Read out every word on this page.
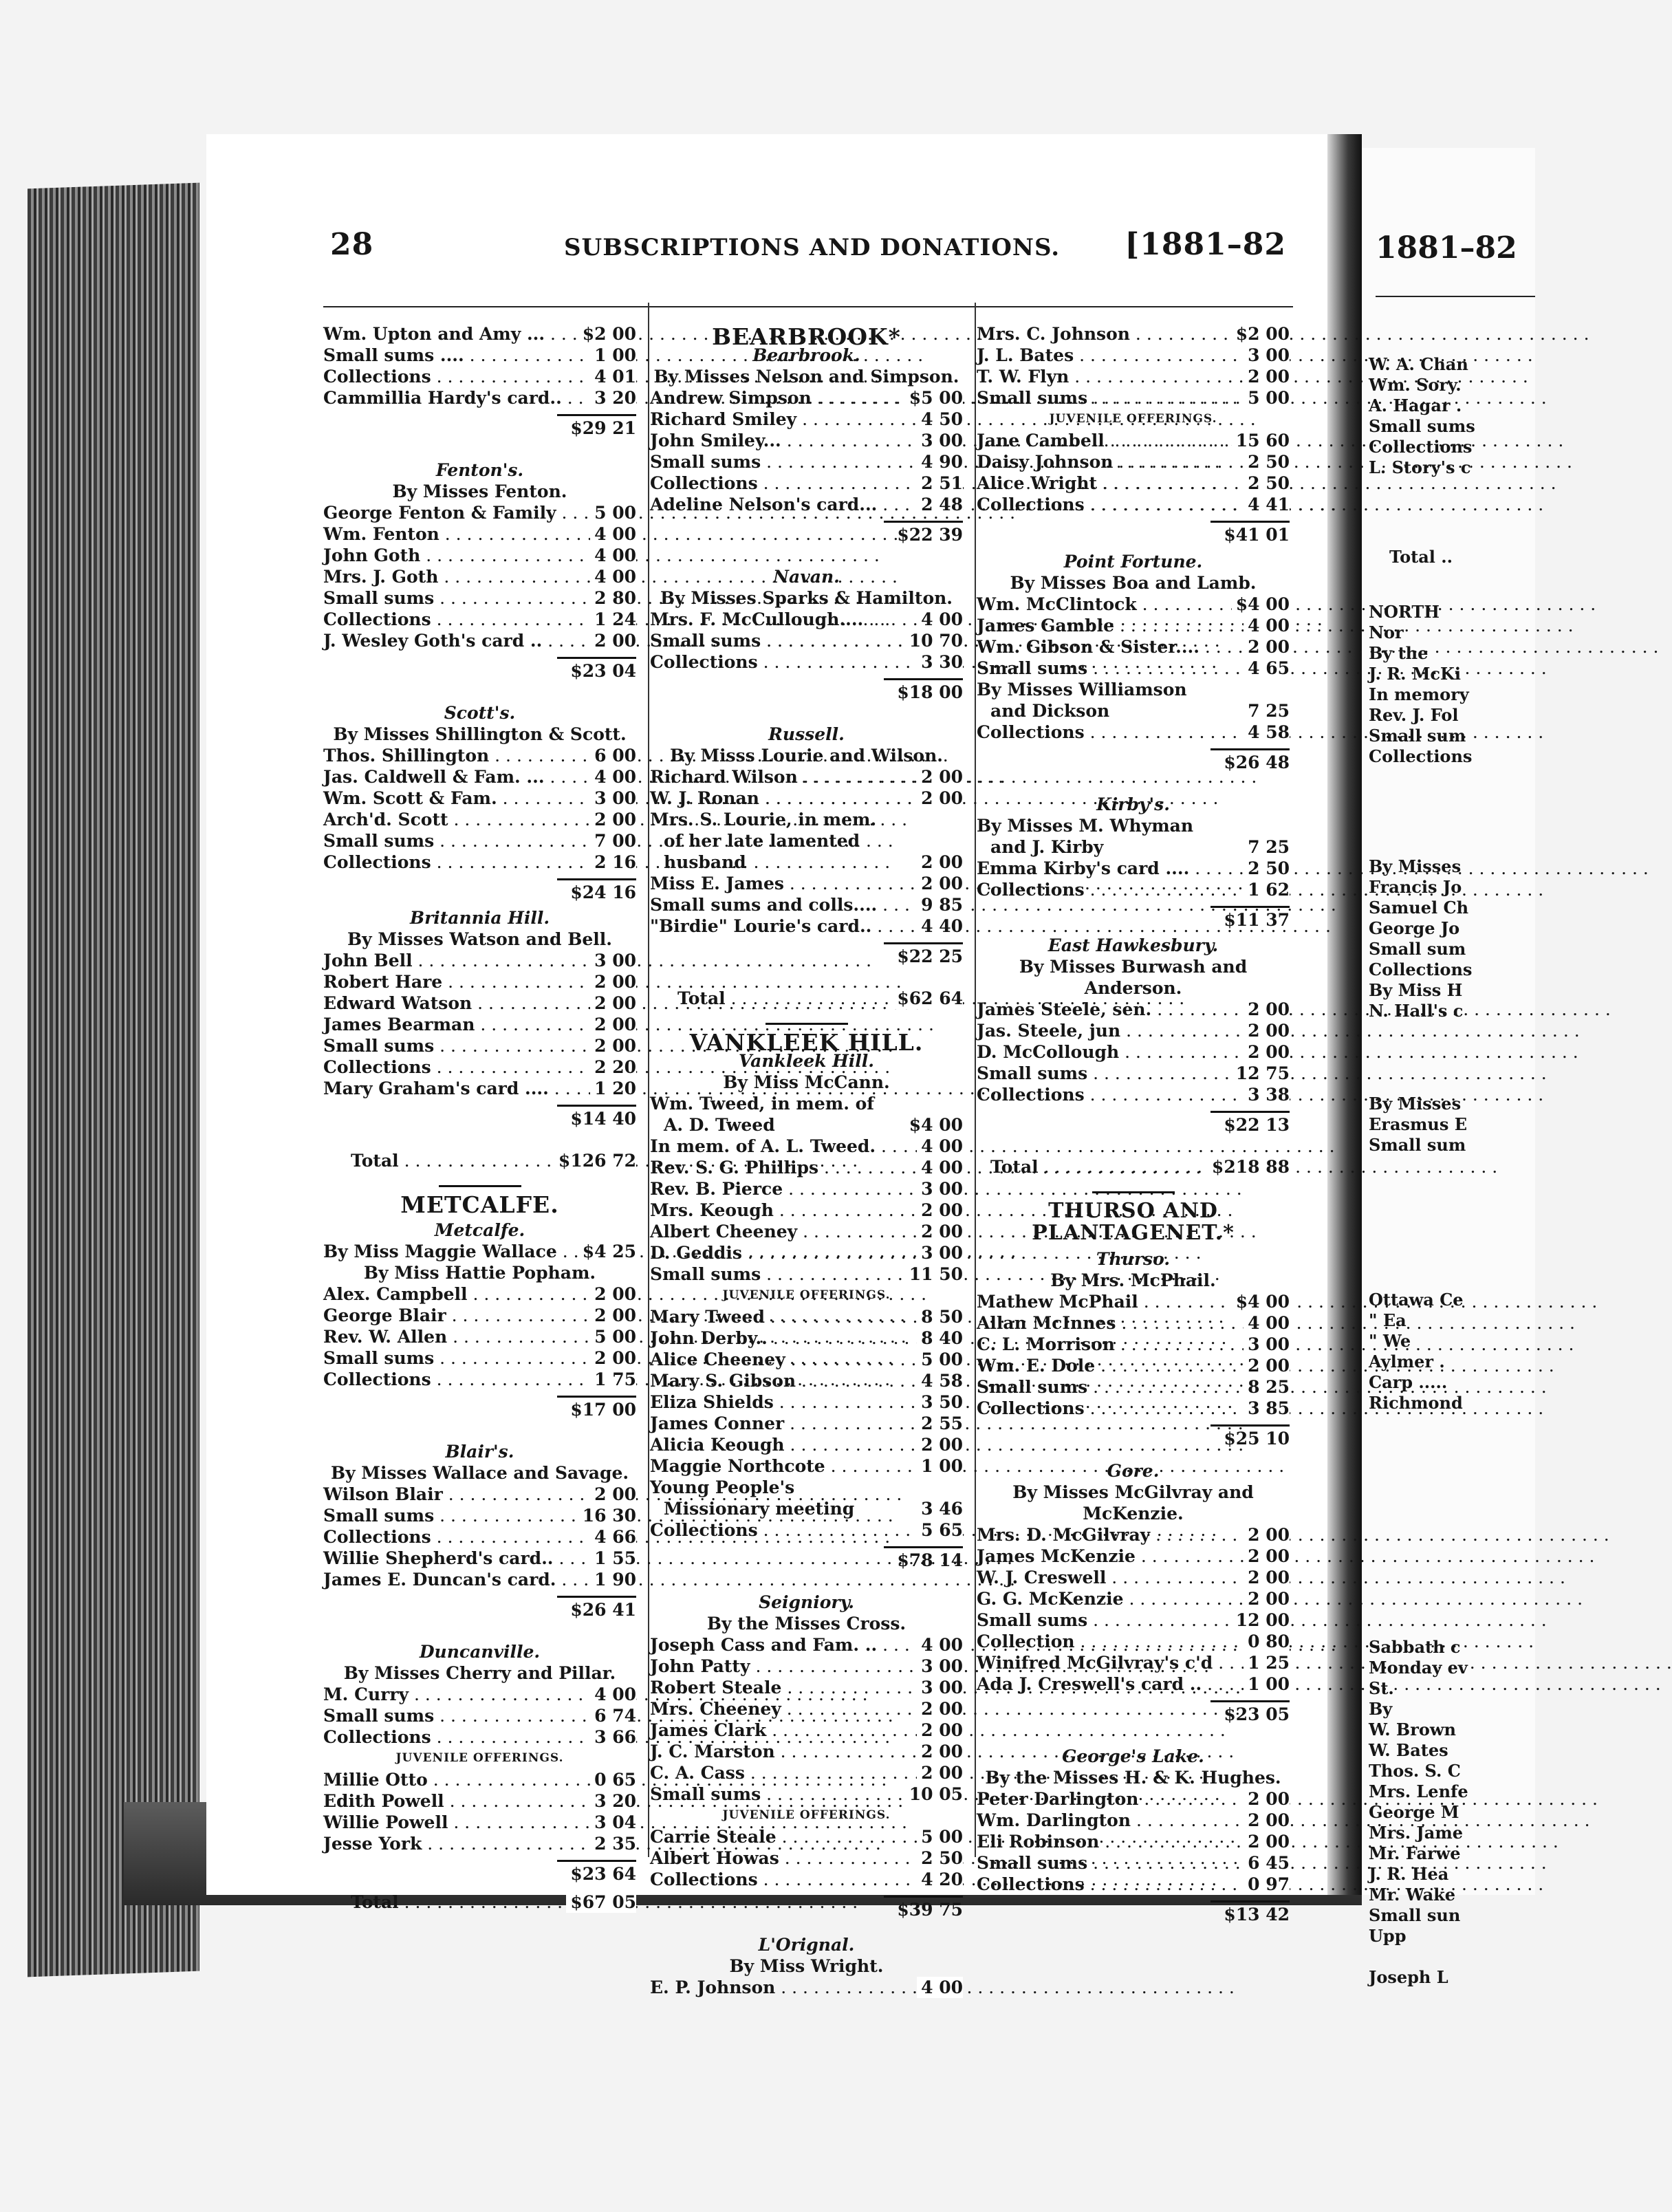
1881–82
W. A. Chan
Wm. Sory.
A. Hagar .
Small sums
Collections
L. Story's c
Total ..
NORTH
Nor
By the
J. R. McKi
In memory
Rev. J. Fol
Small sum
Collections
By Misses
Francis Jo
Samuel Ch
George Jo
Small sum
Collections
By Miss H
N. Hall's c
By Misses
Erasmus E
Small sum
Ottawa Ce
" Ea
" We
Aylmer .
Carp .....
Richmond
Sabbath c
Monday ev
St.
By
W. Brown
W. Bates
Thos. S. C
Mrs. Lenfe
George M
Mrs. Jame
Mr. Farwe
J. R. Hea
Mr. Wake
Small sun
Upp
Joseph L
28	SUBSCRIPTIONS AND DONATIONS. [1881–82
Wm. Upton and Amy ... . . .	$2 00
Small sums .... . . .	1 00
Collections . . .	4 01
Cammillia Hardy's card.. . . .	3 20
$29 21
Fenton's.
By Misses Fenton.
George Fenton & Family . . .	5 00
Wm. Fenton . . .	4 00
John Goth . . .	4 00
Mrs. J. Goth . . .	4 00
Small sums . . .	2 80
Collections . . .	1 24
J. Wesley Goth's card .. . . .	2 00
$23 04
Scott's.
By Misses Shillington & Scott.
Thos. Shillington . . .	6 00
Jas. Caldwell & Fam. ... . . .	4 00
Wm. Scott & Fam. . . .	3 00
Arch'd. Scott . . .	2 00
Small sums . . .	7 00
Collections . . .	2 16
$24 16
Britannia Hill.
By Misses Watson and Bell.
John Bell . . .	3 00
Robert Hare . . .	2 00
Edward Watson . . .	2 00
James Bearman . . .	2 00
Small sums . . .	2 00
Collections . . .	2 20
Mary Graham's card .... . . .	1 20
$14 40
Total . . .	$126 72
METCALFE.
Metcalfe.
By Miss Maggie Wallace . . .	$4 25
By Miss Hattie Popham.
Alex. Campbell . . .	2 00
George Blair . . .	2 00
Rev. W. Allen . . .	5 00
Small sums . . .	2 00
Collections . . .	1 75
$17 00
Blair's.
By Misses Wallace and Savage.
Wilson Blair . . .	2 00
Small sums . . .	16 30
Collections . . .	4 66
Willie Shepherd's card.. . . .	1 55
James E. Duncan's card. . . .	1 90
$26 41
Duncanville.
By Misses Cherry and Pillar.
M. Curry . . .	4 00
Small sums . . .	6 74
Collections . . .	3 66
JUVENILE OFFERINGS.
Millie Otto . . .	0 65
Edith Powell . . .	3 20
Willie Powell . . .	3 04
Jesse York . . .	2 35
$23 64
Total . . .	$67 05
BEARBROOK*
Bearbrook.
By Misses Nelson and Simpson.
Andrew Simpson . . .	$5 00
Richard Smiley . . .	4 50
John Smiley... . . .	3 00
Small sums . . .	4 90
Collections . . .	2 51
Adeline Nelson's card... . . .	2 48
$22 39
Navan.
By Misses Sparks & Hamilton.
Mrs. F. McCullough.... . . .	4 00
Small sums . . .	10 70
Collections . . .	3 30
$18 00
Russell.
By Misss Lourie and Wilson.
Richard Wilson . . .	2 00
W. J. Ronan . . .	2 00
Mrs. S. Lourie, in mem. of her late lamented husband	2 00
Miss E. James . . .	2 00
Small sums and colls.... . . .	9 85
"Birdie" Lourie's card.. . . .	4 40
$22 25
Total . . .	$62 64
VANKLEEK HILL.
Vankleek Hill.
By Miss McCann.
Wm. Tweed, in mem. of A. D. Tweed	$4 00
In mem. of A. L. Tweed. . . .	4 00
Rev. S. G. Phillips . . .	4 00
Rev. B. Pierce . . .	3 00
Mrs. Keough . . .	2 00
Albert Cheeney . . .	2 00
D. Geddis . . .	3 00
Small sums . . .	11 50
JUVENILE OFFERINGS.
Mary Tweed . . .	8 50
John Derby.. . . .	8 40
Alice Cheeney . . .	5 00
Mary S. Gibson . . .	4 58
Eliza Shields . . .	3 50
James Conner . . .	2 55
Alicia Keough . . .	2 00
Maggie Northcote . . .	1 00
Young People's Missionary meeting	3 46
Collections . . .	5 65
$78 14
Seigniory.
By the Misses Cross.
Joseph Cass and Fam. .. . . .	4 00
John Patty . . .	3 00
Robert Steale . . .	3 00
Mrs. Cheeney . . .	2 00
James Clark . . .	2 00
J. C. Marston . . .	2 00
C. A. Cass . . .	2 00
Small sums . . .	10 05
JUVENILE OFFERINGS.
Carrie Steale . . .	5 00
Albert Howas . . .	2 50
Collections . . .	4 20
$39 75
L'Orignal.
By Miss Wright.
E. P. Johnson . . .	4 00
Mrs. C. Johnson . . .	$2 00
J. L. Bates . . .	3 00
T. W. Flyn . . .	2 00
Small sums . . .	5 00
JUVENILE OFFERINGS.
Jane Cambell . . .	15 60
Daisy Johnson . . .	2 50
Alice Wright . . .	2 50
Collections . . .	4 41
$41 01
Point Fortune.
By Misses Boa and Lamb.
Wm. McClintock . . .	$4 00
James Gamble . . .	4 00
Wm. Gibson & Sister.... . . .	2 00
Small sums . . .	4 65
By Misses Williamson and Dickson	7 25
Collections . . .	4 58
$26 48
Kirby's.
By Misses M. Whyman and J. Kirby	7 25
Emma Kirby's card .... . . .	2 50
Collections . . .	1 62
$11 37
East Hawkesbury.
By Misses Burwash and Anderson.
James Steele, sen. . . .	2 00
Jas. Steele, jun . . .	2 00
D. McCollough . . .	2 00
Small sums . . .	12 75
Collections . . .	3 38
$22 13
Total . . .	$218 88
THURSO AND PLANTAGENET.*
Thurso.
By Mrs. McPhail.
Mathew McPhail . . .	$4 00
Allan McInnes . . .	4 00
C. L. Morrison . . .	3 00
Wm. E. Dole . . .	2 00
Small sums . . .	8 25
Collections . . .	3 85
$25 10
Gore.
By Misses McGilvray and McKenzie.
Mrs. D. McGilvray . . .	2 00
James McKenzie . . .	2 00
W. J. Creswell . . .	2 00
G. G. McKenzie . . .	2 00
Small sums . . .	12 00
Collection . . .	0 80
Winifred McGilvray's c'd . . .	1 25
Ada J. Creswell's card .. . . .	1 00
$23 05
George's Lake.
By the Misses H. & K. Hughes.
Peter Darlington . . .	2 00
Wm. Darlington . . .	2 00
Eli Robinson . . .	2 00
Small sums . . .	6 45
Collections . . .	0 97
$13 42
